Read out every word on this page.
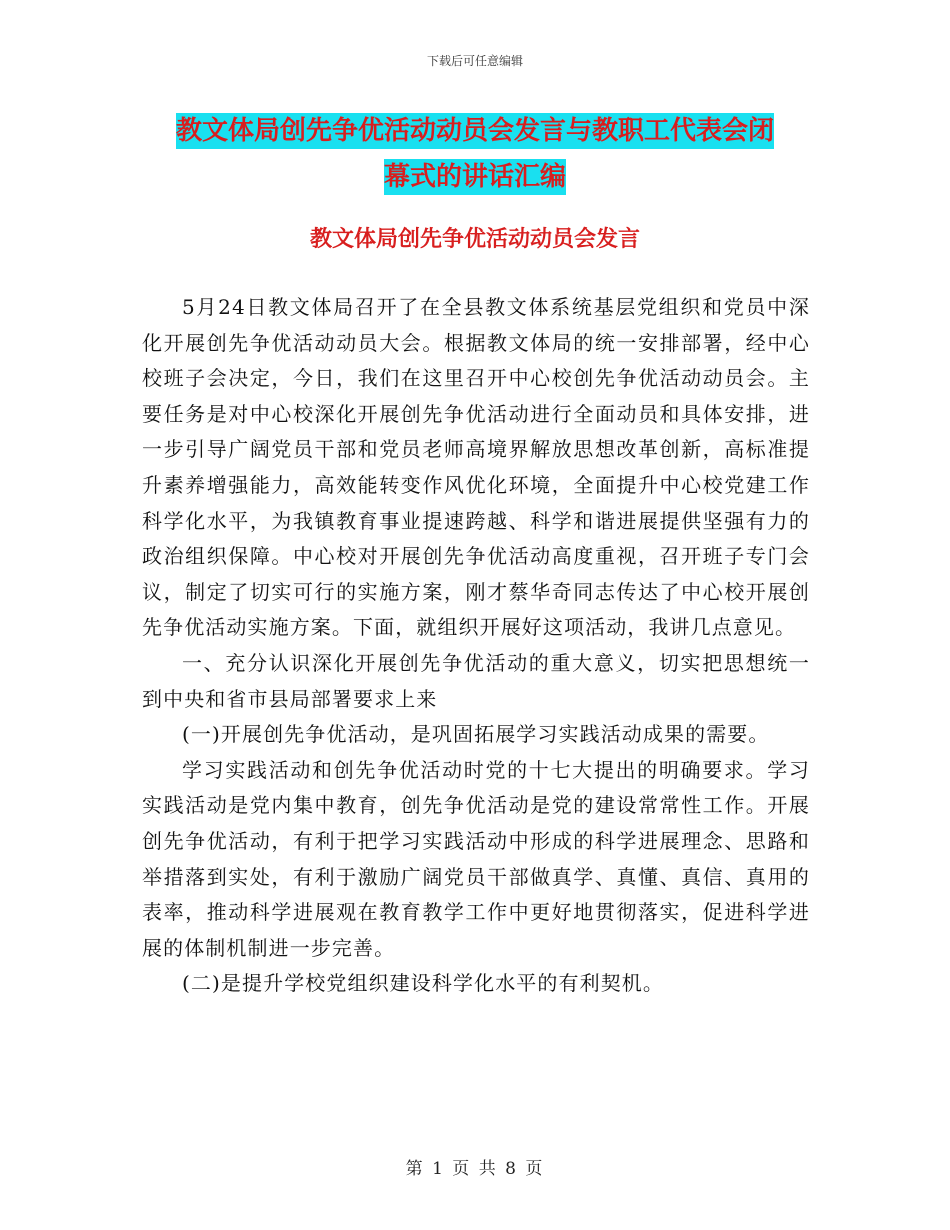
下载后可任意编辑
教文体局创先争优活动动员会发言与教职工代表会闭
幕式的讲话汇编
教文体局创先争优活动动员会发言

5月24日教文体局召开了在全县教文体系统基层党组织和党员中深化开展创先争优活动动员大会。根据教文体局的统一安排部署，经中心校班子会决定，今日，我们在这里召开中心校创先争优活动动员会。主要任务是对中心校深化开展创先争优活动进行全面动员和具体安排，进一步引导广阔党员干部和党员老师高境界解放思想改革创新，高标准提升素养增强能力，高效能转变作风优化环境，全面提升中心校党建工作科学化水平，为我镇教育事业提速跨越、科学和谐进展提供坚强有力的政治组织保障。中心校对开展创先争优活动高度重视，召开班子专门会议，制定了切实可行的实施方案，刚才蔡华奇同志传达了中心校开展创先争优活动实施方案。下面，就组织开展好这项活动，我讲几点意见。

一、充分认识深化开展创先争优活动的重大意义，切实把思想统一到中央和省市县局部署要求上来

(一)开展创先争优活动，是巩固拓展学习实践活动成果的需要。

学习实践活动和创先争优活动时党的十七大提出的明确要求。学习实践活动是党内集中教育，创先争优活动是党的建设常常性工作。开展创先争优活动，有利于把学习实践活动中形成的科学进展理念、思路和举措落到实处，有利于激励广阔党员干部做真学、真懂、真信、真用的表率，推动科学进展观在教育教学工作中更好地贯彻落实，促进科学进展的体制机制进一步完善。

(二)是提升学校党组织建设科学化水平的有利契机。

第 1 页 共 8 页
